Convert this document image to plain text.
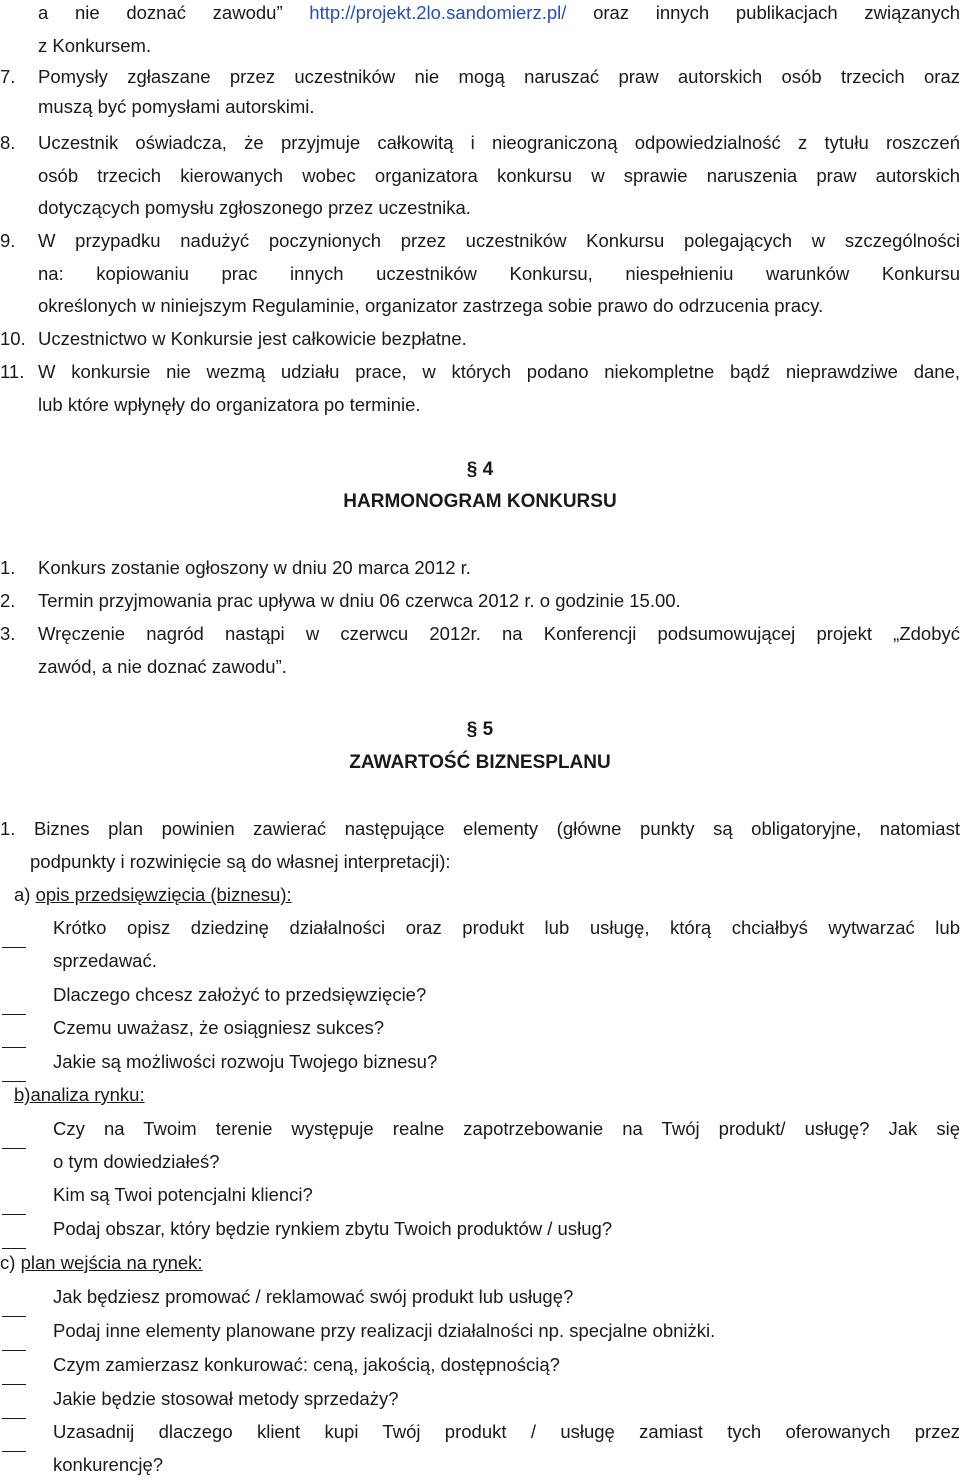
a nie doznać zawodu” http://projekt.2lo.sandomierz.pl/ oraz innych publikacjach związanych
z Konkursem.
7. Pomysły zgłaszane przez uczestników nie mogą naruszać praw autorskich osób trzecich oraz
muszą być pomysłami autorskimi.
8. Uczestnik oświadcza, że przyjmuje całkowitą i nieograniczoną odpowiedzialność z tytułu roszczeń
osób trzecich kierowanych wobec organizatora konkursu w sprawie naruszenia praw autorskich
dotyczących pomysłu zgłoszonego przez uczestnika.
9. W przypadku nadużyć poczynionych przez uczestników Konkursu polegających w szczególności
na: kopiowaniu prac innych uczestników Konkursu, niespełnieniu warunków Konkursu
określonych w niniejszym Regulaminie, organizator zastrzega sobie prawo do odrzucenia pracy.
10. Uczestnictwo w Konkursie jest całkowicie bezpłatne.
11. W konkursie nie wezmą udziału prace, w których podano niekompletne bądź nieprawdziwe dane,
lub które wpłynęły do organizatora po terminie.
§ 4
HARMONOGRAM KONKURSU
1. Konkurs zostanie ogłoszony w dniu 20 marca 2012 r.
2. Termin przyjmowania prac upływa w dniu 06 czerwca 2012 r. o godzinie 15.00.
3. Wręczenie nagród nastąpi w czerwcu 2012r. na Konferencji podsumowującej projekt „Zdobyć
zawód, a nie doznać zawodu”.
§ 5
ZAWARTOŚĆ BIZNESPLANU
1. Biznes plan powinien zawierać następujące elementy (główne punkty są obligatoryjne, natomiast
podpunkty i rozwinięcie są do własnej interpretacji):
a) opis przedsięwzięcia (biznesu):
Krótko opisz dziedzinę działalności oraz produkt lub usługę, którą chciałbyś wytwarzać lub
sprzedawać.
Dlaczego chcesz założyć to przedsięwzięcie?
Czemu uważasz, że osiągniesz sukces?
Jakie są możliwości rozwoju Twojego biznesu?
b)analiza rynku:
Czy na Twoim terenie występuje realne zapotrzebowanie na Twój produkt/ usługę? Jak się
o tym dowiedziałeś?
Kim są Twoi potencjalni klienci?
Podaj obszar, który będzie rynkiem zbytu Twoich produktów / usług?
c) plan wejścia na rynek:
Jak będziesz promować / reklamować swój produkt lub usługę?
Podaj inne elementy planowane przy realizacji działalności np. specjalne obniżki.
Czym zamierzasz konkurować: ceną, jakością, dostępnością?
Jakie będzie stosował metody sprzedaży?
Uzasadnij dlaczego klient kupi Twój produkt / usługę zamiast tych oferowanych przez
konkurencję?
